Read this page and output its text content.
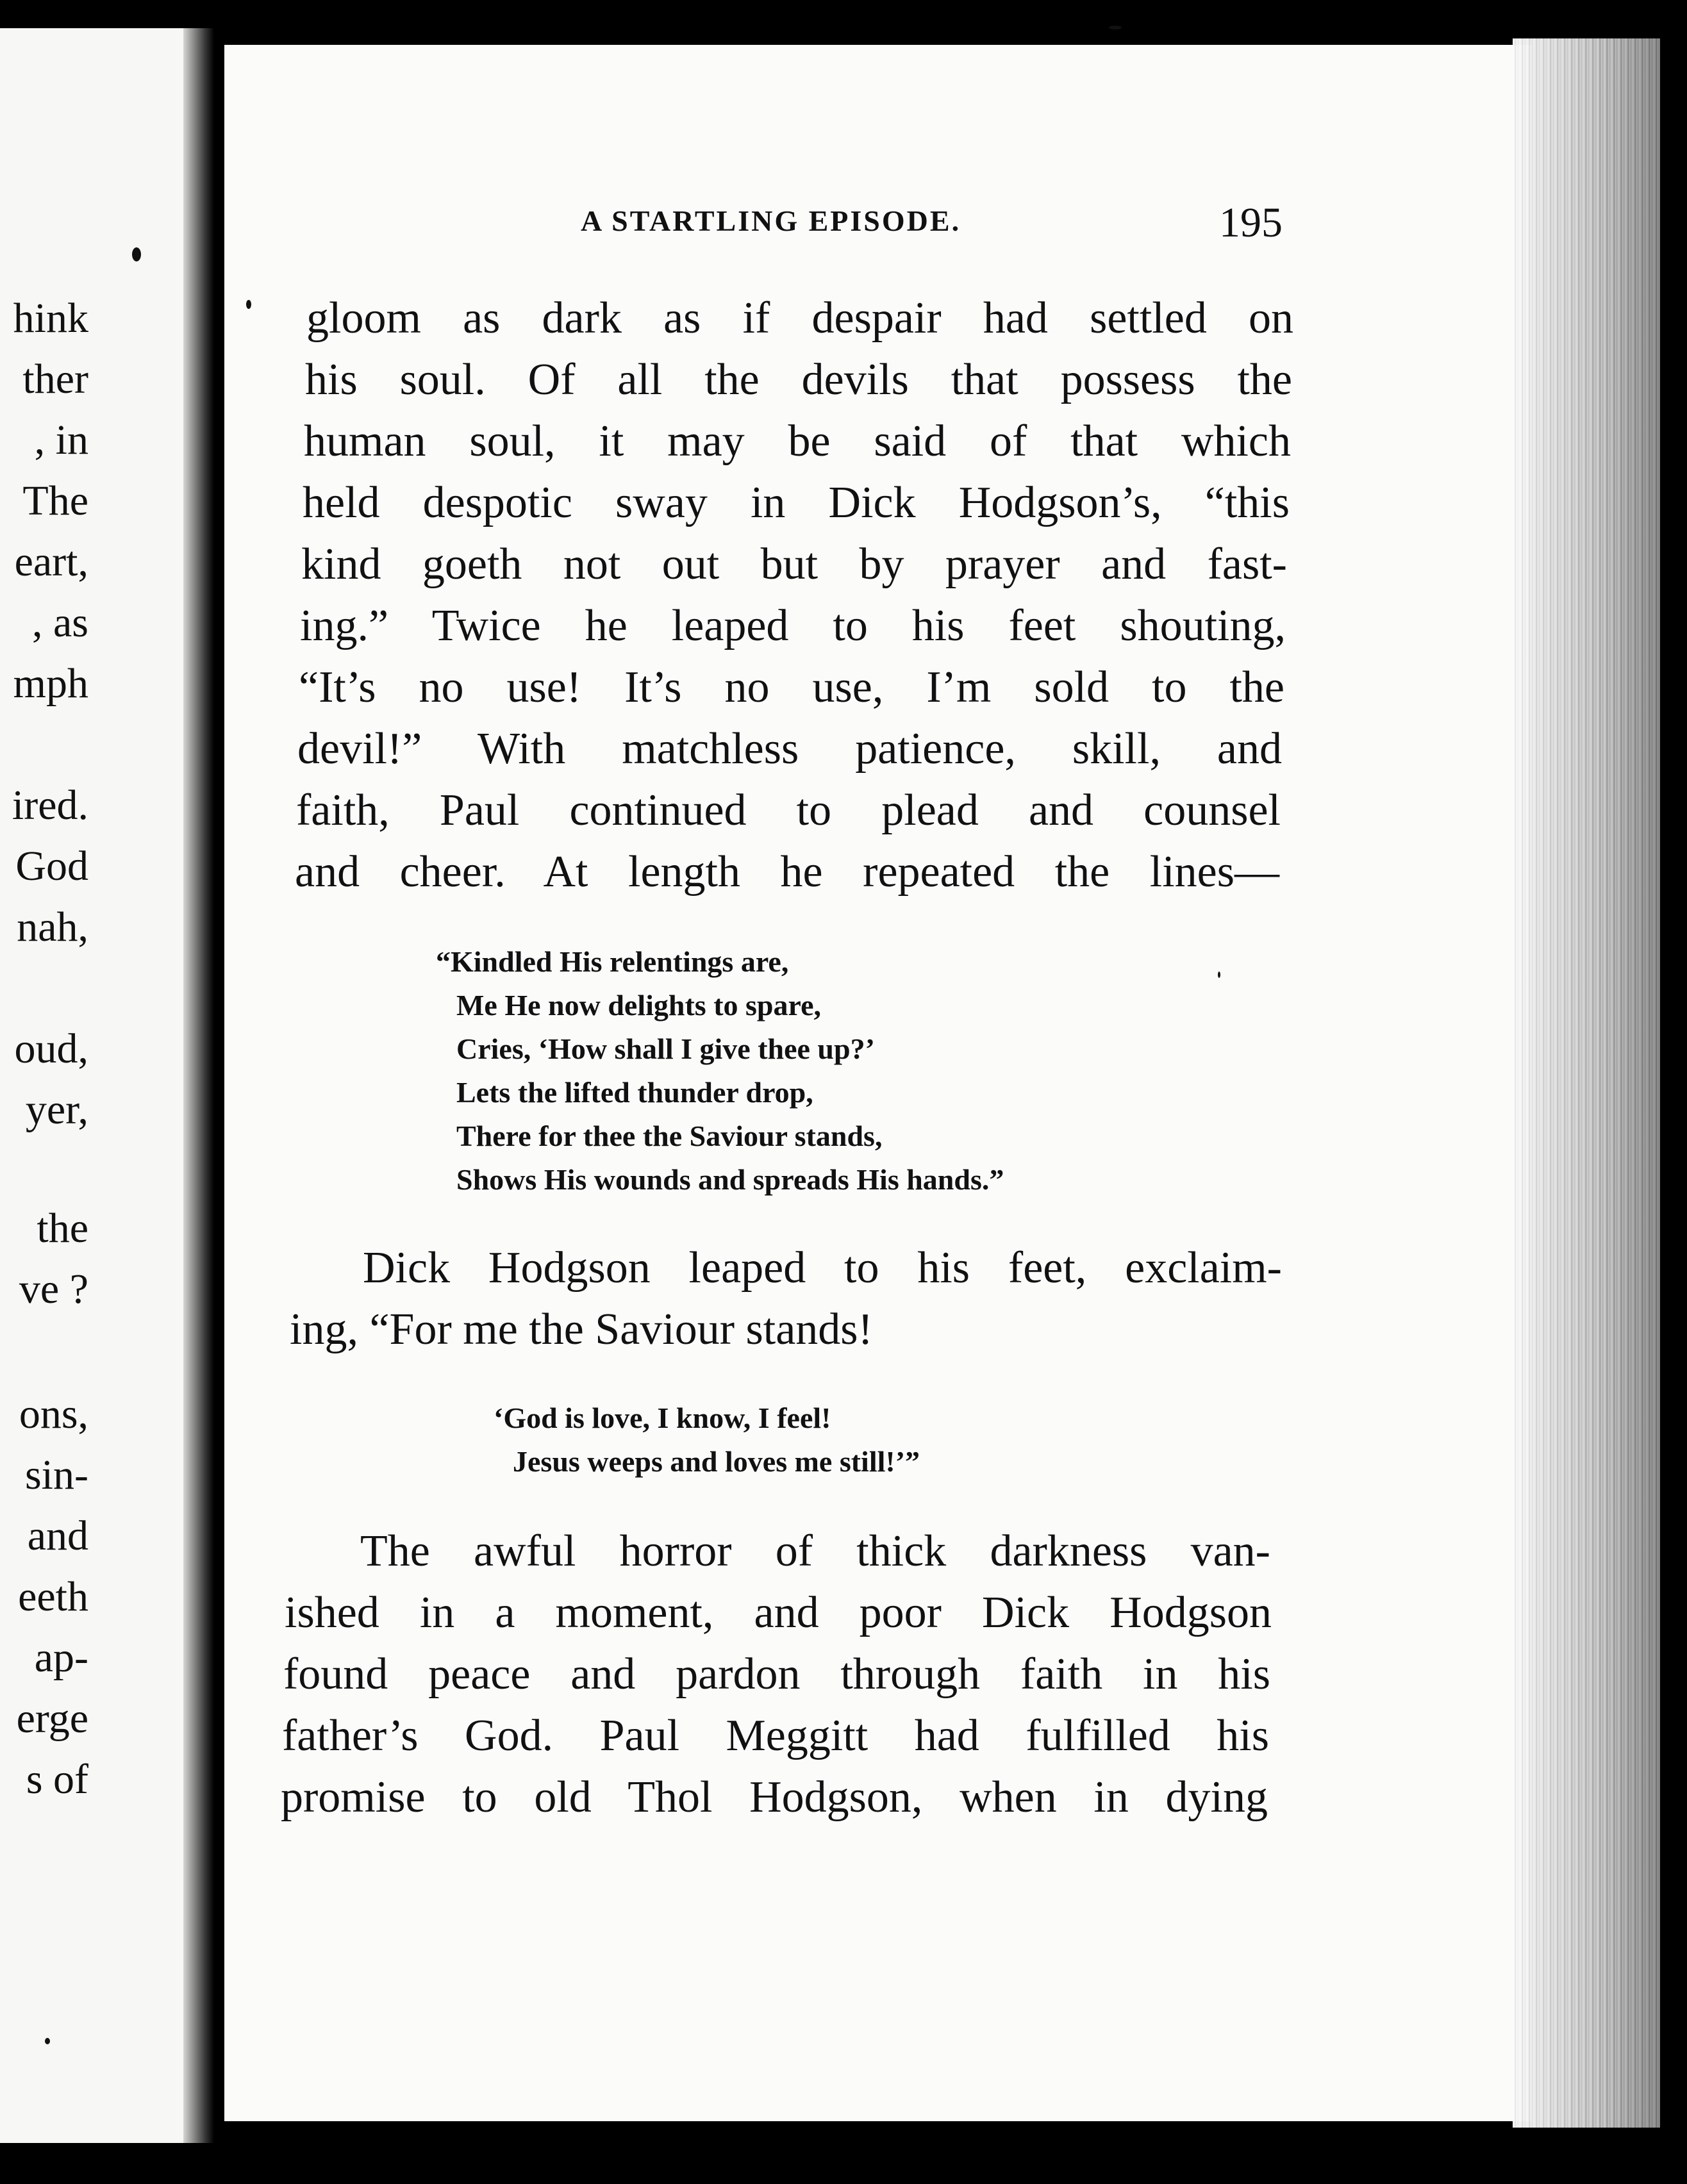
hink
ther
, in
The
eart,
, as
mph
ired.
God
nah,
oud,
yer,
the
ve ?
ons,
sin-
and
eeth
ap-
erge
s of
A STARTLING EPISODE.	195
gloom as dark as if despair had settled on
his soul. Of all the devils that possess the
human soul, it may be said of that which
held despotic sway in Dick Hodgson’s, “this
kind goeth not out but by prayer and fast-
ing.” Twice he leaped to his feet shouting,
“It’s no use! It’s no use, I’m sold to the
devil!” With matchless patience, skill, and
faith, Paul continued to plead and counsel
and cheer. At length he repeated the lines—
“Kindled His relentings are,
Me He now delights to spare,
Cries, ‘How shall I give thee up?’
Lets the lifted thunder drop,
There for thee the Saviour stands,
Shows His wounds and spreads His hands.”
Dick Hodgson leaped to his feet, exclaim-
ing, “For me the Saviour stands!
‘God is love, I know, I feel!
Jesus weeps and loves me still!’”
The awful horror of thick darkness van-
ished in a moment, and poor Dick Hodgson
found peace and pardon through faith in his
father’s God. Paul Meggitt had fulfilled his
promise to old Thol Hodgson, when in dying
